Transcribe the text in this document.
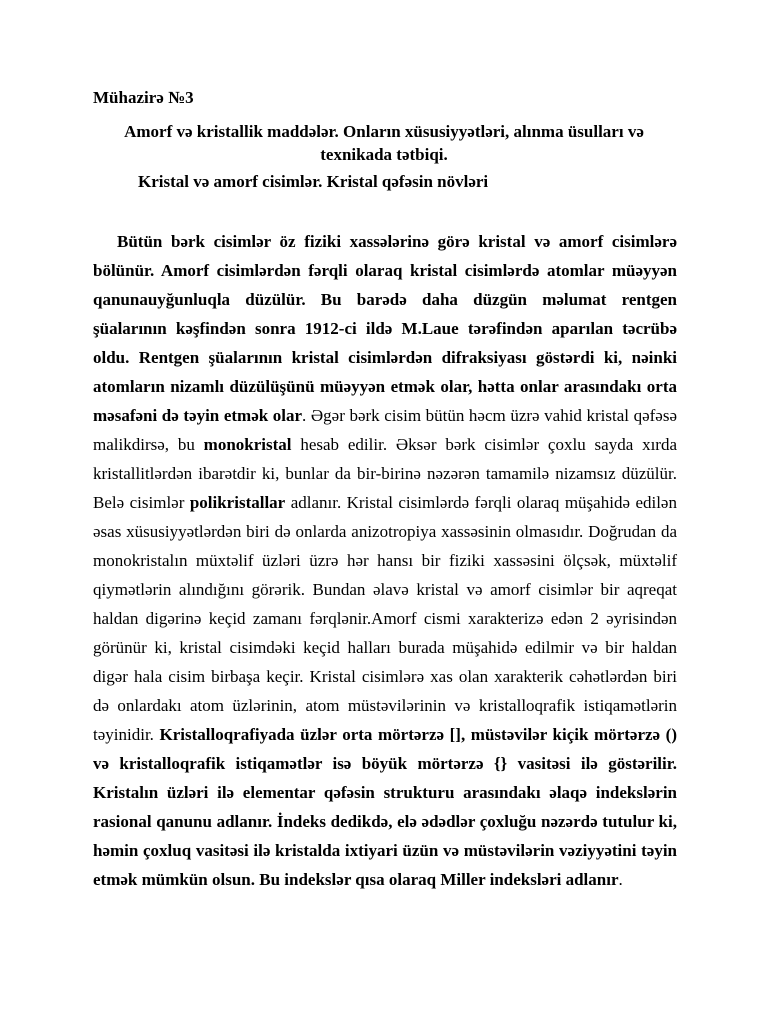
Mühazirə №3
Amorf və kristallik maddələr. Onların xüsusiyyətləri, alınma üsulları və texnikada tətbiqi.
Kristal və amorf cisimlər. Kristal qəfəsin növləri

Bütün bərk cisimlər öz fiziki xassələrinə görə kristal və amorf cisimlərə bölünür. Amorf cisimlərdən fərqli olaraq kristal cisimlərdə atomlar müəyyən qanunauyğunluqla düzülür. Bu barədə daha düzgün məlumat rentgen şüalarının kəşfindən sonra 1912-ci ildə M.Laue tərəfindən aparılan təcrübə oldu. Rentgen şüalarının kristal cisimlərdən difraksiyası göstərdi ki, nəinki atomların nizamlı düzülüşünü müəyyən etmək olar, hətta onlar arasındakı orta məsafəni də təyin etmək olar. Əgər bərk cisim bütün həcm üzrə vahid kristal qəfəsə malikdirsə, bu monokristal hesab edilir. Əksər bərk cisimlər çoxlu sayda xırda kristallitlərdən ibarətdir ki, bunlar da bir-birinə nəzərən tamamilə nizamsız düzülür. Belə cisimlər polikristallar adlanır. Kristal cisimlərdə fərqli olaraq müşahidə edilən əsas xüsusiyyətlərdən biri də onlarda anizotropiya xassəsinin olmasıdır. Doğrudan da monokristalın müxtəlif üzləri üzrə hər hansı bir fiziki xassəsini ölçsək, müxtəlif qiymətlərin alındığını görərik. Bundan əlavə kristal və amorf cisimlər bir aqreqat haldan digərinə keçid zamanı fərqlənir.Amorf cismi xarakterizə edən 2 əyrisindən görünür ki, kristal cisimdəki keçid halları burada müşahidə edilmir və bir haldan digər hala cisim birbaşa keçir. Kristal cisimlərə xas olan xarakterik cəhətlərdən biri də onlardakı atom üzlərinin, atom müstəvilərinin və kristalloqrafik istiqamətlərin təyinidir. Kristalloqrafiyada üzlər orta mörtərzə [], müstəvilər kiçik mörtərzə () və kristalloqrafik istiqamətlər isə böyük mörtərzə {} vasitəsi ilə göstərilir. Kristalın üzləri ilə elementar qəfəsin strukturu arasındakı əlaqə indekslərin rasional qanunu adlanır. İndeks dedikdə, elə ədədlər çoxluğu nəzərdə tutulur ki, həmin çoxluq vasitəsi ilə kristalda ixtiyari üzün və müstəvilərin vəziyyətini təyin etmək mümkün olsun. Bu indekslər qısa olaraq Miller indeksləri adlanır.
